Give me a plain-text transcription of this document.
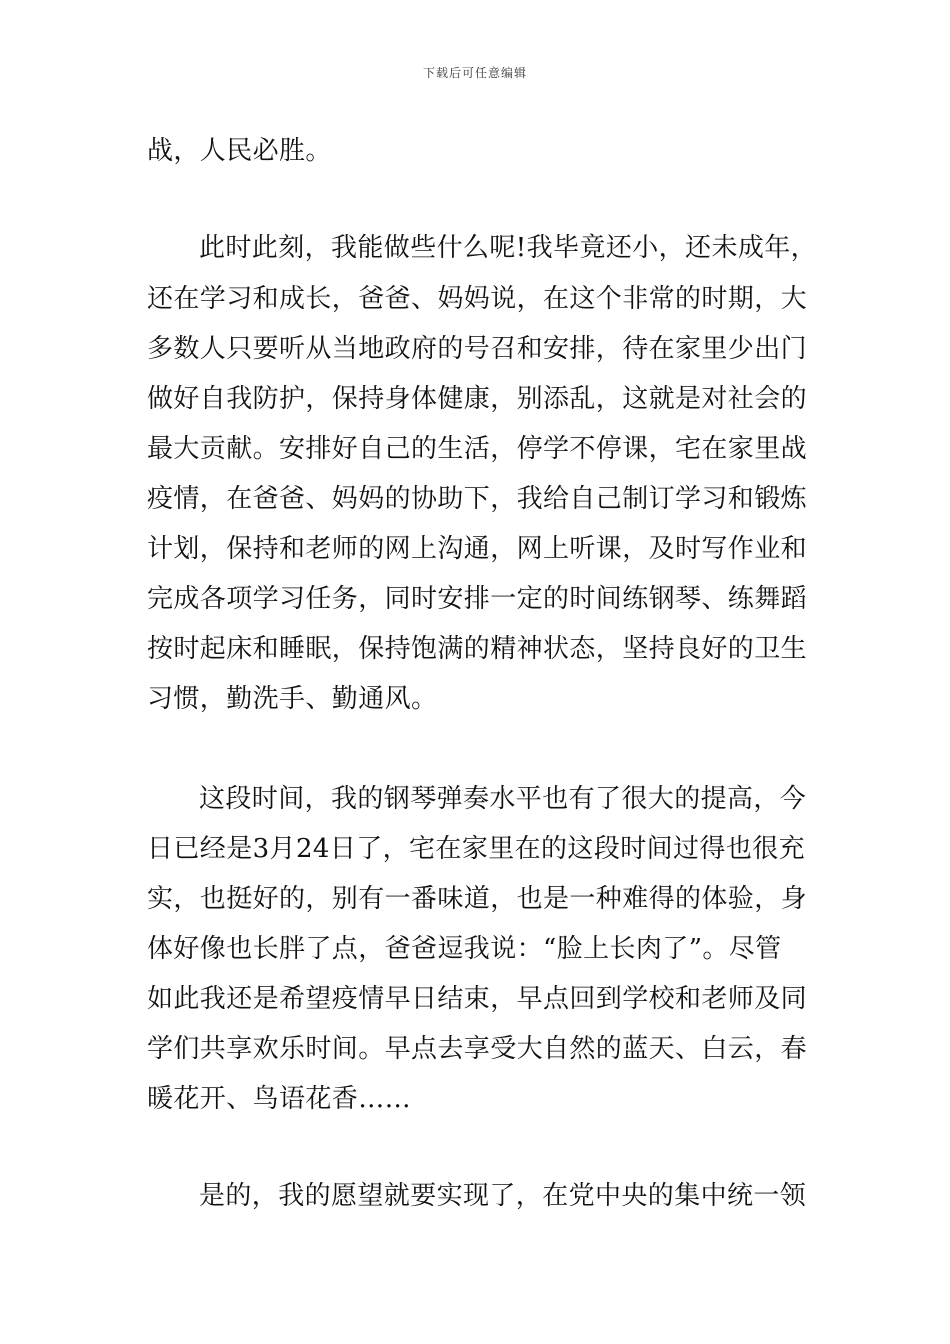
下载后可任意编辑
战，人民必胜。
此时此刻，我能做些什么呢!我毕竟还小，还未成年，
还在学习和成长，爸爸、妈妈说，在这个非常的时期，大
多数人只要听从当地政府的号召和安排，待在家里少出门
做好自我防护，保持身体健康，别添乱，这就是对社会的
最大贡献。安排好自己的生活，停学不停课，宅在家里战
疫情，在爸爸、妈妈的协助下，我给自己制订学习和锻炼
计划，保持和老师的网上沟通，网上听课，及时写作业和
完成各项学习任务，同时安排一定的时间练钢琴、练舞蹈
按时起床和睡眠，保持饱满的精神状态，坚持良好的卫生
习惯，勤洗手、勤通风。
这段时间，我的钢琴弹奏水平也有了很大的提高，今
日已经是3月24日了，宅在家里在的这段时间过得也很充
实，也挺好的，别有一番味道，也是一种难得的体验，身
体好像也长胖了点，爸爸逗我说：“脸上长肉了”。尽管
如此我还是希望疫情早日结束，早点回到学校和老师及同
学们共享欢乐时间。早点去享受大自然的蓝天、白云，春
暖花开、鸟语花香……
是的，我的愿望就要实现了，在党中央的集中统一领
